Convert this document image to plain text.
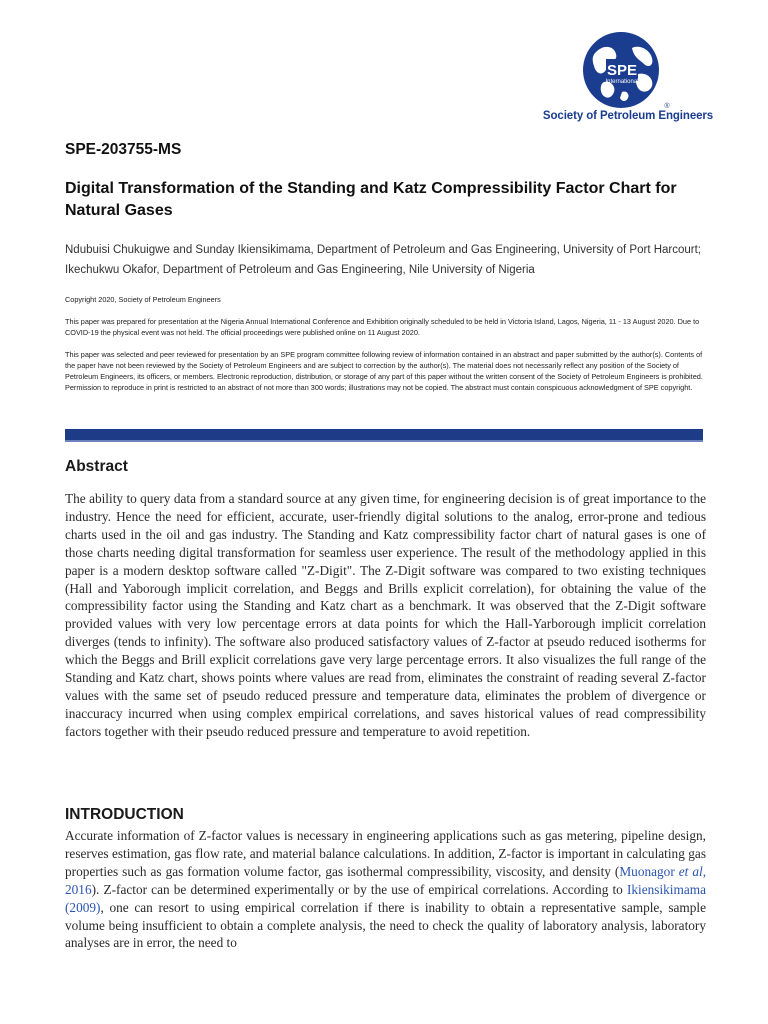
SPE
International
®
Society of Petroleum Engineers
SPE-203755-MS
Digital Transformation of the Standing and Katz Compressibility Factor Chart for Natural Gases
Ndubuisi Chukuigwe and Sunday Ikiensikimama, Department of Petroleum and Gas Engineering, University of Port Harcourt; Ikechukwu Okafor, Department of Petroleum and Gas Engineering, Nile University of Nigeria
Copyright 2020, Society of Petroleum Engineers
This paper was prepared for presentation at the Nigeria Annual International Conference and Exhibition originally scheduled to be held in Victoria Island, Lagos, Nigeria, 11 - 13 August 2020. Due to COVID-19 the physical event was not held. The official proceedings were published online on 11 August 2020.
This paper was selected and peer reviewed for presentation by an SPE program committee following review of information contained in an abstract and paper submitted by the author(s). Contents of the paper have not been reviewed by the Society of Petroleum Engineers and are subject to correction by the author(s). The material does not necessarily reflect any position of the Society of Petroleum Engineers, its officers, or members. Electronic reproduction, distribution, or storage of any part of this paper without the written consent of the Society of Petroleum Engineers is prohibited. Permission to reproduce in print is restricted to an abstract of not more than 300 words; illustrations may not be copied. The abstract must contain conspicuous acknowledgment of SPE copyright.
Abstract

The ability to query data from a standard source at any given time, for engineering decision is of great importance to the industry. Hence the need for efficient, accurate, user-friendly digital solutions to the analog, error-prone and tedious charts used in the oil and gas industry. The Standing and Katz compressibility factor chart of natural gases is one of those charts needing digital transformation for seamless user experience. The result of the methodology applied in this paper is a modern desktop software called "Z-Digit". The Z-Digit software was compared to two existing techniques (Hall and Yaborough implicit correlation, and Beggs and Brills explicit correlation), for obtaining the value of the compressibility factor using the Standing and Katz chart as a benchmark. It was observed that the Z-Digit software provided values with very low percentage errors at data points for which the Hall-Yarborough implicit correlation diverges (tends to infinity). The software also produced satisfactory values of Z-factor at pseudo reduced isotherms for which the Beggs and Brill explicit correlations gave very large percentage errors. It also visualizes the full range of the Standing and Katz chart, shows points where values are read from, eliminates the constraint of reading several Z-factor values with the same set of pseudo reduced pressure and temperature data, eliminates the problem of divergence or inaccuracy incurred when using complex empirical correlations, and saves historical values of read compressibility factors together with their pseudo reduced pressure and temperature to avoid repetition.

INTRODUCTION

Accurate information of Z-factor values is necessary in engineering applications such as gas metering, pipeline design, reserves estimation, gas flow rate, and material balance calculations. In addition, Z-factor is important in calculating gas properties such as gas formation volume factor, gas isothermal compressibility, viscosity, and density (Muonagor et al, 2016). Z-factor can be determined experimentally or by the use of empirical correlations. According to Ikiensikimama (2009), one can resort to using empirical correlation if there is inability to obtain a representative sample, sample volume being insufficient to obtain a complete analysis, the need to check the quality of laboratory analysis, laboratory analyses are in error, the need to
